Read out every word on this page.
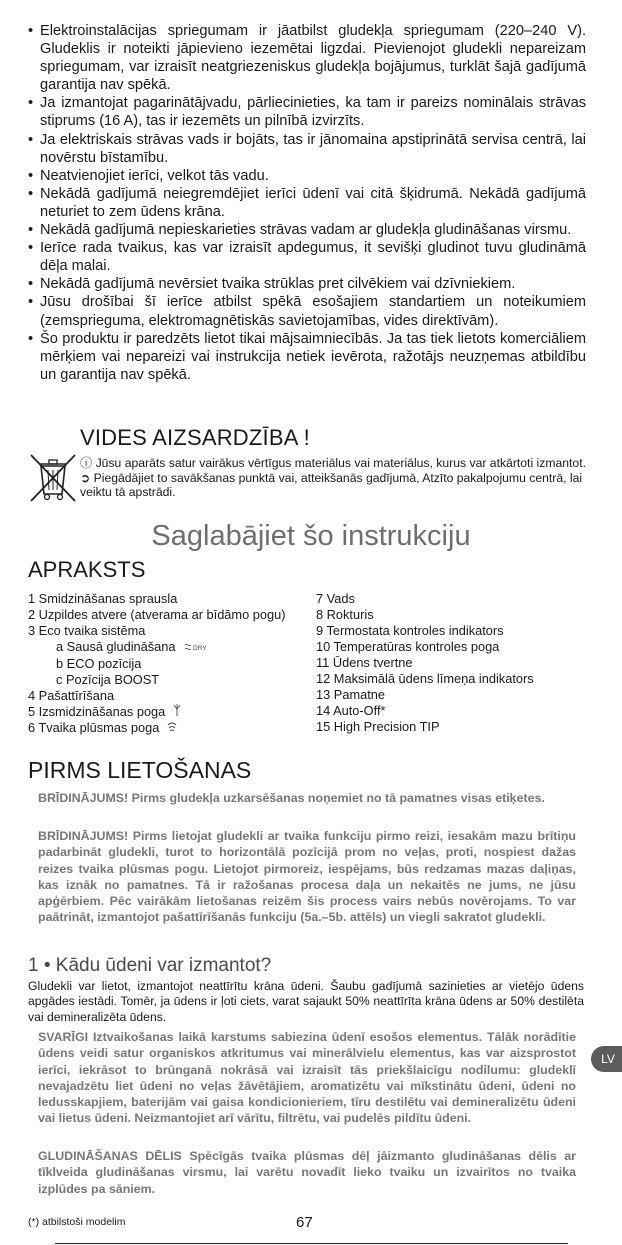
• Elektroinstalācijas spriegumam ir jāatbilst gludekļa spriegumam (220–240 V). Gludeklis ir noteikti jāpievieno iezemētai ligzdai. Pievienojot gludekli nepareizam spriegumam, var izraisīt neatgriezeniskus gludekļa bojājumus, turklāt šajā gadījumā garantija nav spēkā.
• Ja izmantojat pagarinātājvadu, pārliecinieties, ka tam ir pareizs nominālais strāvas stiprums (16 A), tas ir iezemēts un pilnībā izvirzīts.
• Ja elektriskais strāvas vads ir bojāts, tas ir jānomaina apstiprinātā servisa centrā, lai novērstu bīstamību.
• Neatvienojiet ierīci, velkot tās vadu.
• Nekādā gadījumā neiegremdējiet ierīci ūdenī vai citā šķidrumā. Nekādā gadījumā neturiet to zem ūdens krāna.
• Nekādā gadījumā nepieskarieties strāvas vadam ar gludekļa gludināšanas virsmu.
• Ierīce rada tvaikus, kas var izraisīt apdegumus, it sevišķi gludinot tuvu gludināmā dēļa malai.
• Nekādā gadījumā nevērsiet tvaika strūklas pret cilvēkiem vai dzīvniekiem.
• Jūsu drošībai šī ierīce atbilst spēkā esošajiem standartiem un noteikumiem (zemsprieguma, elektromagnētiskās savietojamības, vides direktīvām).
• Šo produktu ir paredzēts lietot tikai mājsaimniecībās. Ja tas tiek lietots komerciāliem mērķiem vai nepareizi vai instrukcija netiek ievērota, ražotājs neuzņemas atbildību un garantija nav spēkā.
VIDES AIZSARDZĪBA !
ⓘ Jūsu aparāts satur vairākus vērtīgus materiālus vai materiālus, kurus var atkārtoti izmantot.
➲ Piegādājiet to savākšanas punktā vai, atteikšanās gadījumā, Atzīto pakalpojumu centrā, lai veiktu tā apstrādi.
Saglabājiet šo instrukciju
APRAKSTS
1 Smidzināšanas sprausla
2 Uzpildes atvere (atverama ar bīdāmo pogu)
3 Eco tvaika sistēma
a Sausā gludināšana	DRY
b ECO pozīcija
c Pozīcija BOOST
4 Pašattīrīšana
5 Izsmidzināšanas poga
6 Tvaika plūsmas poga
7 Vads
8 Rokturis
9 Termostata kontroles indikators
10 Temperatūras kontroles poga
11 Ūdens tvertne
12 Maksimālā ūdens līmeņa indikators
13 Pamatne
14 Auto-Off*
15 High Precision TIP
PIRMS LIETOŠANAS
BRĪDINĀJUMS! Pirms gludekļa uzkarsēšanas noņemiet no tā pamatnes visas etiķetes.
BRĪDINĀJUMS! Pirms lietojat gludekli ar tvaika funkciju pirmo reizi, iesakām mazu brītiņu padarbināt gludekli, turot to horizontālā pozīcijā prom no veļas, proti, nospiest dažas reizes tvaika plūsmas pogu. Lietojot pirmoreiz, iespējams, būs redzamas mazas daļiņas, kas iznāk no pamatnes. Tā ir ražošanas procesa daļa un nekaitēs ne jums, ne jūsu apģērbiem. Pēc vairākām lietošanas reizēm šis process vairs nebūs novērojams. To var paātrināt, izmantojot pašattīrīšanās funkciju (5a.–5b. attēls) un viegli sakratot gludekli.
1 • Kādu ūdeni var izmantot?
Gludekli var lietot, izmantojot neattīrītu krāna ūdeni. Šaubu gadījumā sazinieties ar vietējo ūdens apgādes iestādi. Tomēr, ja ūdens ir ļoti ciets, varat sajaukt 50% neattīrīta krāna ūdens ar 50% destilēta vai demineralizēta ūdens.
SVARĪGI Iztvaikošanas laikā karstums sabiezina ūdenī esošos elementus. Tālāk norādītie ūdens veidi satur organiskos atkritumus vai minerālvielu elementus, kas var aizsprostot ierīci, iekrāsot to brūnganā nokrāsā vai izraisīt tās priekšlaicīgu nodilumu: gludeklī nevajadzētu liet ūdeni no veļas žāvētājiem, aromatizētu vai mīkstinātu ūdeni, ūdeni no ledusskapjiem, baterijām vai gaisa kondicionieriem, tīru destilētu vai demineralizētu ūdeni vai lietus ūdeni. Neizmantojiet arī vārītu, filtrētu, vai pudelēs pildītu ūdeni.
GLUDINĀŠANAS DĒLIS Spēcīgās tvaika plūsmas dēļ jāizmanto gludināšanas dēlis ar tīklveida gludināšanas virsmu, lai varētu novadīt lieko tvaiku un izvairītos no tvaika izplūdes pa sāniem.
LV
(*) atbilstoši modelim	67
